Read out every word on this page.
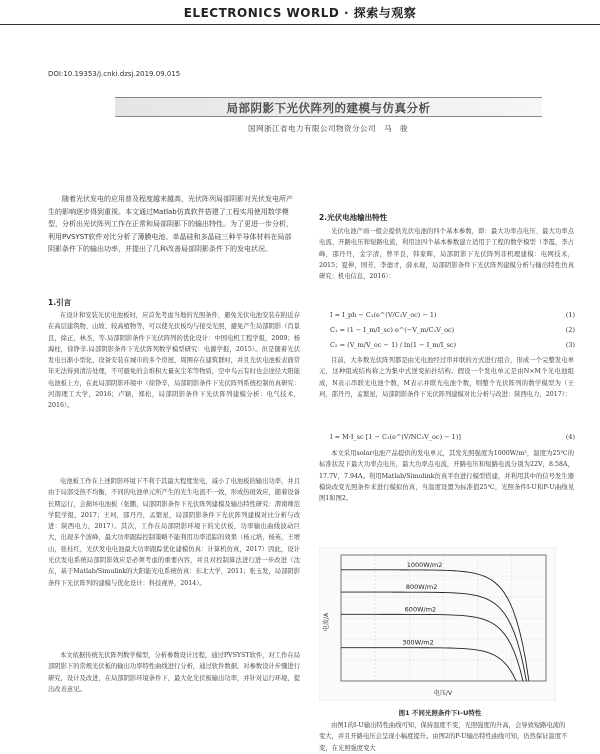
ELECTRONICS WORLD · 探索与观察
DOI:10.19353/j.cnki.dzsj.2019.09.015
局部阴影下光伏阵列的建模与仿真分析
国网浙江省电力有限公司物资分公司　马　骏
随着光伏发电的应用普及程度越来越高，光伏阵列局部阴影对光伏发电所产生的影响逐步得到重视。本文通过Matlab仿真软件搭建了工程实用使用数学模型，分析出光伏阵列工作在正常和局部阴影下的输出特性。为了更进一步分析，利用PVSYST软件对比分析了薄膜电池、单晶硅和多晶硅三种半导体材料在局部阴影条件下的输出功率，并提出了几种改善局部阴影条件下的发电状况。
1.引言
在设计和安装光伏电池板时，应首先考虑当地的光照条件，避免光伏电池安装在附近存在高层建筑物、山坡、较高植物等，可以使光伏板均与接受光照，避免产生局部阴影（肖景良，徐正，林杰，等.局部阴影条件下光伏阵列的优化设计：中国电机工程学报，2009；杨海柱，徐铮辛.局部阴影条件下光伏阵列数学模型研究：电源学报，2015）。但是随着光伏发电日渐小型化，设备安装在城市的多个房屋，周围存在建筑群时，并且光伏电池板表面常年无法得到清洁处理，不可避免的会堆积大量灰尘苯等物质，空中鸟云有时也会途径大阳能电池板上方，在此局部阴影环境中（徐铮辛，局部阴影条件下光伏阵列系统控制仿真研究：河南理工大学，2016；卢颖，郑松，局部阴影条件下光伏阵列建模分析：电气技术，2016）。
电池板工作在上述阴影环境下不利于其最大程度发电，减小了电池板的输出功率，并且由于局部受热不均衡，不同的电池单元所产生的光生电流不一致，形成热斑效应，随着设备长期运行，会损坏电池板（张鹏，局部阴影条件下光伏阵列建模及输出特性研究：渭南师范学院学报，2017；王珂，邵丹丹，孟繁星，局部阴影条件下光伏阵列建模对比分析与改进：陕西电力，2017）。其次，工作在局部阴影环境下的光伏板，功率输出曲线波动巨大，出现多个波峰，最大功率跟踪控制策略不能利用功率追踪的效果（杨元培，杨英，王增山，张桂红，光伏发电电池最大功率跟踪优化建模仿真：计算机仿真，2017）因此，设计光伏发电系统局部阴影效应是必须考虑的重要内容，并且对控制算法进行进一步改进（沈东，基于Matlab/Simulink的大阳能光电系统仿真：东北大学，2011；张玉发，局部阴影条件下光伏阵列的建模与优化设计：科技视界，2014）。
本文依据传统光伏阵列数学模型，分析参数设计过程，通过PVSYST软件，对工作在局部阴影下的常规光伏板的输出功率特性曲线进行分析，通过软件数据，对参数设计步骤进行研究，设计及改进，在局部阴影环境条件下，最大化光伏板输出功率，并针对运行环境，提出改善意见。
2.光伏电池输出特性
光伏电池产商一般会提供光伏电池的四个基本参数，即：最大功率点电压、最大功率点电流、开路电压和短路电流，利用这四个基本参数建立适用于工程的数学模型（李霞，李占峰，邵丹丹，金宇清，曾平良，韩家辉，局部阴影下光伏阵列非机理建模：电网技术，2015；夏伸，国芳，李德才，薛永琨，局部阴影条件下光伏阵列建模分析与输出特性仿真研究：机电信息，2016）：
I = I_ph − C₁(e^(V/C₂V_oc) − 1)	(1)
C₁ = (1 − I_m/I_sc) e^(−V_m/C₂V_oc)	(2)
C₂ = (V_m/V_oc − 1) / ln(1 − I_m/I_sc)	(3)
目前，大多数光伏阵列都是由光电池经过串并联的方式进行组合，形成一个完整发电单元，这种组成结构称之为集中式逆变拓扑结构。假设一个发电单元是由N×M个光电池组成，N表示串联光电池个数，M表示并联光电池个数，则整个光伏阵列的数学模型为（王珂，邵丹丹，孟繁星，局部阴影条件下光伏阵列建模对比分析与改进：陕西电力，2017）：
I = M·I_sc [1 − C₁(e^(V/NC₂V_oc) − 1)]	(4)
本文采用solar电池产品提供的发电单元，其发光照强度为1000W/m²，温度为25℃的标准状况下最大功率点电压，最大功率点电流，开路电压和短路电流分别为22V，8.58A，17.7V，7.94A。利用Matlab/Simulink仿真平台进行模型搭建，并利用其中的信号发生器模块改变光照条件来进行模拟仿真，当温度设置为标准值25℃，光照条件I-U和P-U曲线见图1和图2。
1000W/m2
800W/m2
600W/m2
300W/m2
电流/A
电压/V
图1 不同光照条件下I–U特性
由图1的I-U输出特性曲线可知，保持温度不变，光照强度的升高，会导致短路电流的变大，并且开路电压会呈现小幅度提升。由图2的P-U输出特性曲线可知，仍然保证温度不变，在光照强度变大
